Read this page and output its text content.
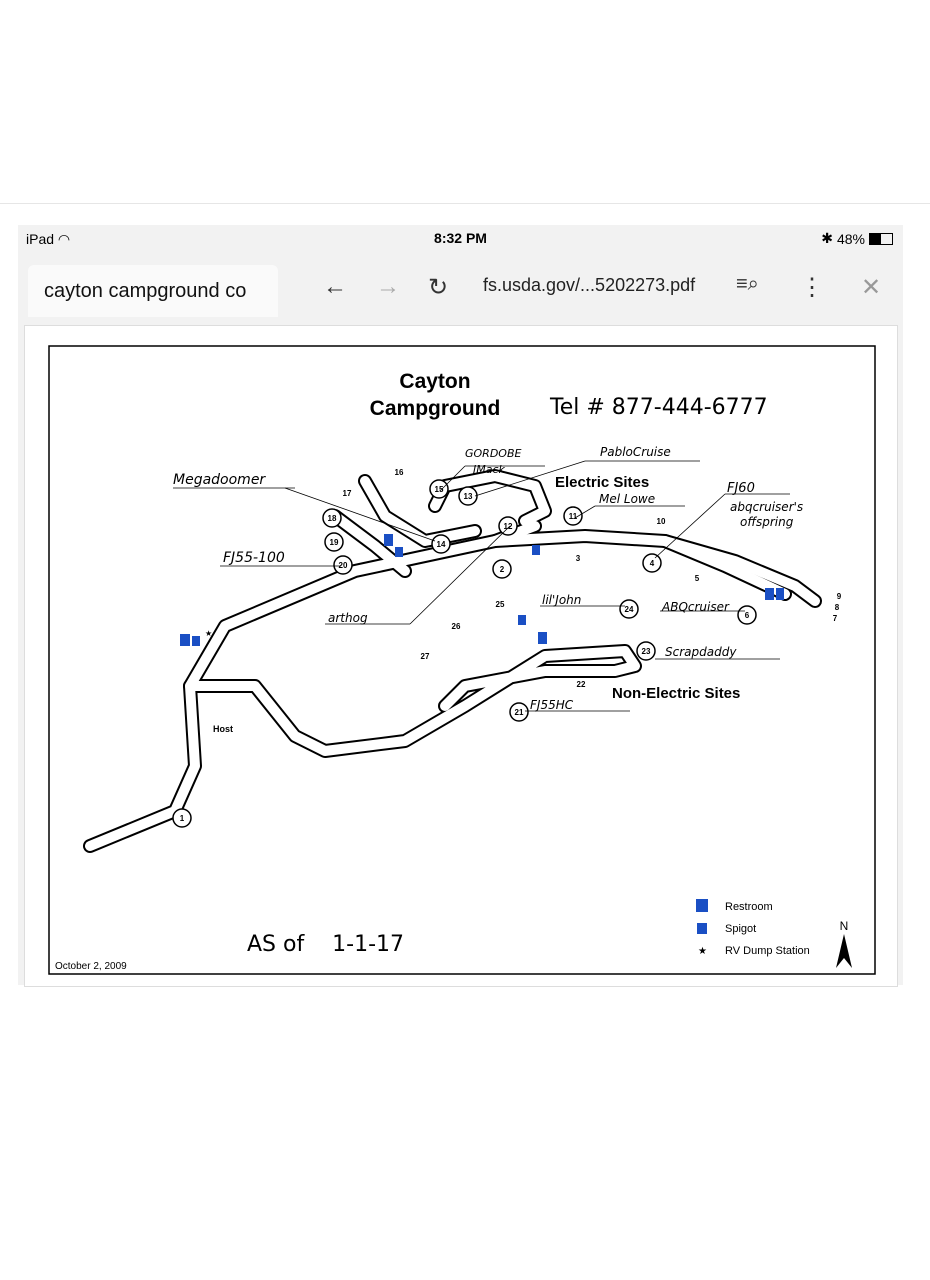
iPad ◠	8:32 PM	✱ 48%
cayton campground co	← → ↻ fs.usda.gov/...5202273.pdf ≡⌕ ⋮ ✕
Cayton
Campground Tel # 877-444-6777
Electric Sites
Non-Electric Sites
Host
1
2
3
4
5
6	7
8
9
10
11
12
13
14
15
16
17
18
19
20
21
22
23
24
25
26
27
Megadoomer
GORDOBE
JMack
PabloCruise
Mel Lowe
FJ60
abqcruiser's
offspring
FJ55-100
arthog
lil'John	ABQcruiser
Scrapdaddy
FJ55HC
★
Restroom
Spigot
★ RV Dump Station
N
October 2, 2009
AS of    1-1-17
